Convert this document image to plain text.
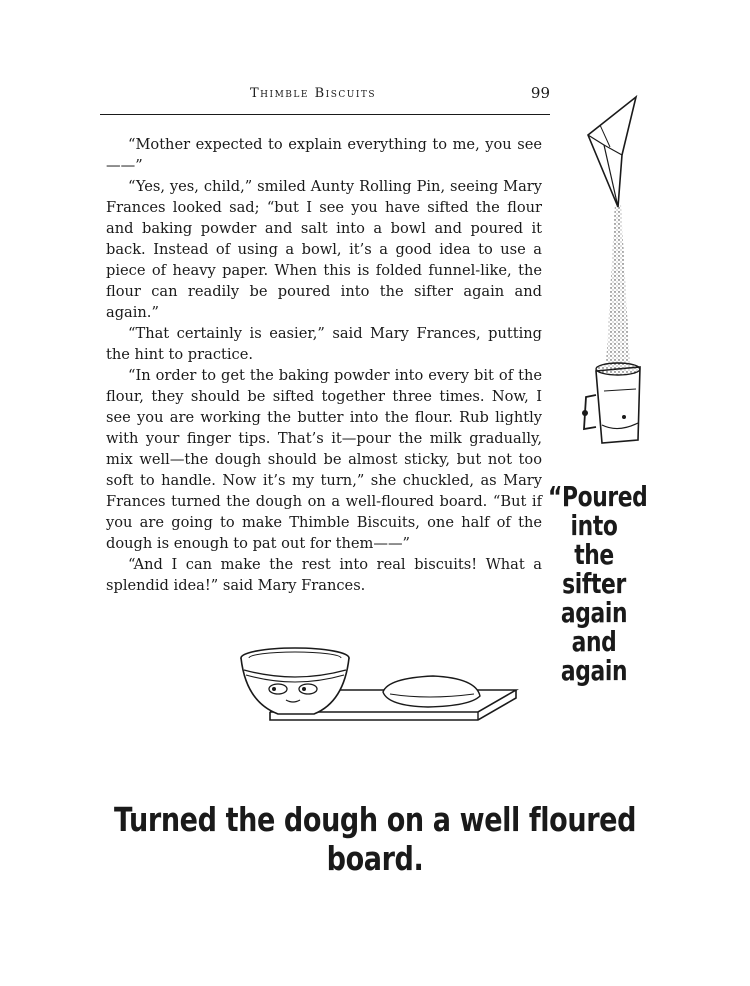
Thimble Biscuits	99

“Mother expected to explain everything to me, you see——”

“Yes, yes, child,” smiled Aunty Rolling Pin, seeing Mary Frances looked sad; “but I see you have sifted the flour and baking powder and salt into a bowl and poured it back. Instead of using a bowl, it’s a good idea to use a piece of heavy paper. When this is folded funnel-like, the flour can readily be poured into the sifter again and again.”

“That certainly is easier,” said Mary Frances, putting the hint to practice.

“In order to get the baking powder into every bit of the flour, they should be sifted together three times. Now, I see you are working the butter into the flour. Rub lightly with your finger tips. That’s it—pour the milk gradually, mix well—the dough should be almost sticky, but not too soft to handle. Now it’s my turn,” she chuckled, as Mary Frances turned the dough on a well-floured board. “But if you are going to make Thimble Biscuits, one half of the dough is enough to pat out for them——”

“And I can make the rest into real biscuits! What a splendid idea!” said Mary Frances.

“Poured
into the
sifter
again and
again
Turned the dough on a well floured board.
